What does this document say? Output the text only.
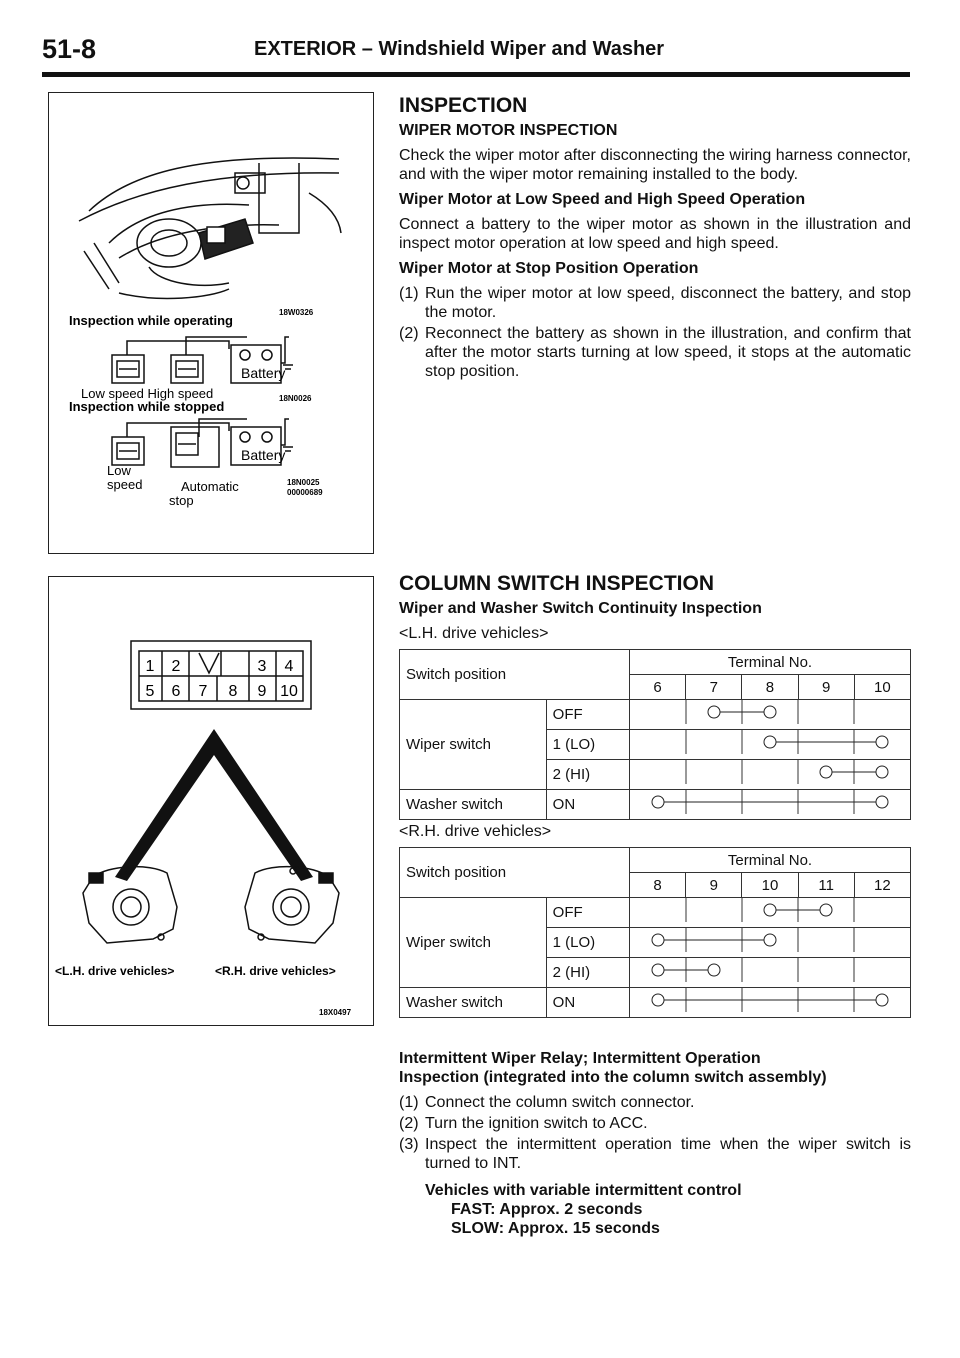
51-8	EXTERIOR – Windshield Wiper and Washer
Inspection while operating
18W0326
Battery
Low speed High speed
Inspection while stopped
18N0026
Battery
Low
speed	Automatic
stop
18N0025
00000689
1 2	3 4
5 6 7 8 9 10
<L.H. drive vehicles>	<R.H. drive vehicles>
18X0497
INSPECTION
WIPER MOTOR INSPECTION
Check the wiper motor after disconnecting the wiring harness connector, and with the wiper motor remaining installed to the body.
Wiper Motor at Low Speed and High Speed Operation
Connect a battery to the wiper motor as shown in the illustration and inspect motor operation at low speed and high speed.
Wiper Motor at Stop Position Operation
(1) Run the wiper motor at low speed, disconnect the battery, and stop the motor.
(2) Reconnect the battery as shown in the illustration, and confirm that after the motor starts turning at low speed, it stops at the automatic stop position.
COLUMN SWITCH INSPECTION
Wiper and Washer Switch Continuity Inspection
<L.H. drive vehicles>
Switch position		Terminal No.				
		6	7	8	9	10
Wiper switch	OFF	
	1 (LO)	
	2 (HI)	
Washer switch	ON	
<R.H. drive vehicles>
Switch position		Terminal No.				
		8	9	10	11	12
Wiper switch	OFF	
	1 (LO)	
	2 (HI)	
Washer switch	ON	
Intermittent Wiper Relay; Intermittent Operation
Inspection (integrated into the column switch assembly)
(1) Connect the column switch connector.
(2) Turn the ignition switch to ACC.
(3) Inspect the intermittent operation time when the wiper switch is turned to INT.
Vehicles with variable intermittent control
FAST: Approx. 2 seconds
SLOW: Approx. 15 seconds
